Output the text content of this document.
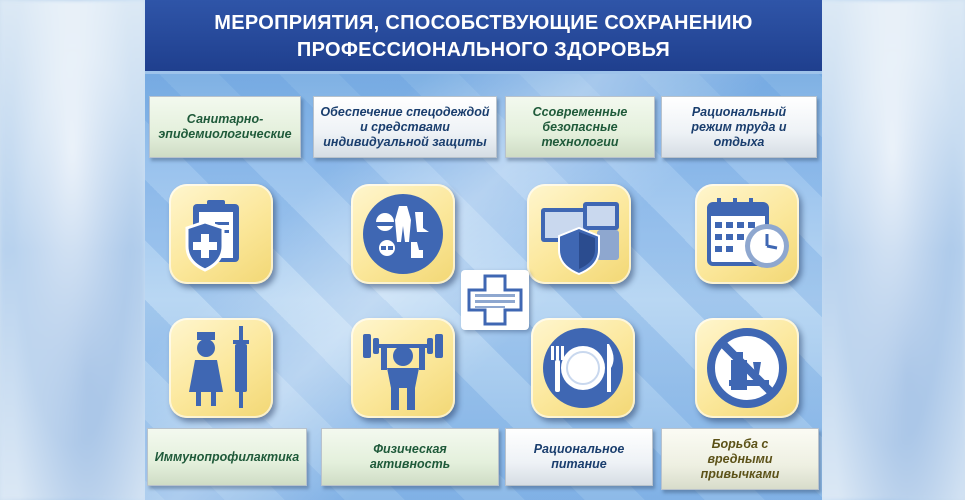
МЕРОПРИЯТИЯ, СПОСОБСТВУЮЩИЕ СОХРАНЕНИЮ
ПРОФЕССИОНАЛЬНОГО ЗДОРОВЬЯ
Санитарно-
эпидемиологические
Обеспечение спецодеждой
и средствами
индивидуальной защиты
Ссовременные
безопасные
технологии
Рациональный
режим труда и
отдыха
Иммунопрофилактика
Физическая
активность
Рациональное
питание
Борьба с
вредными
привычками
